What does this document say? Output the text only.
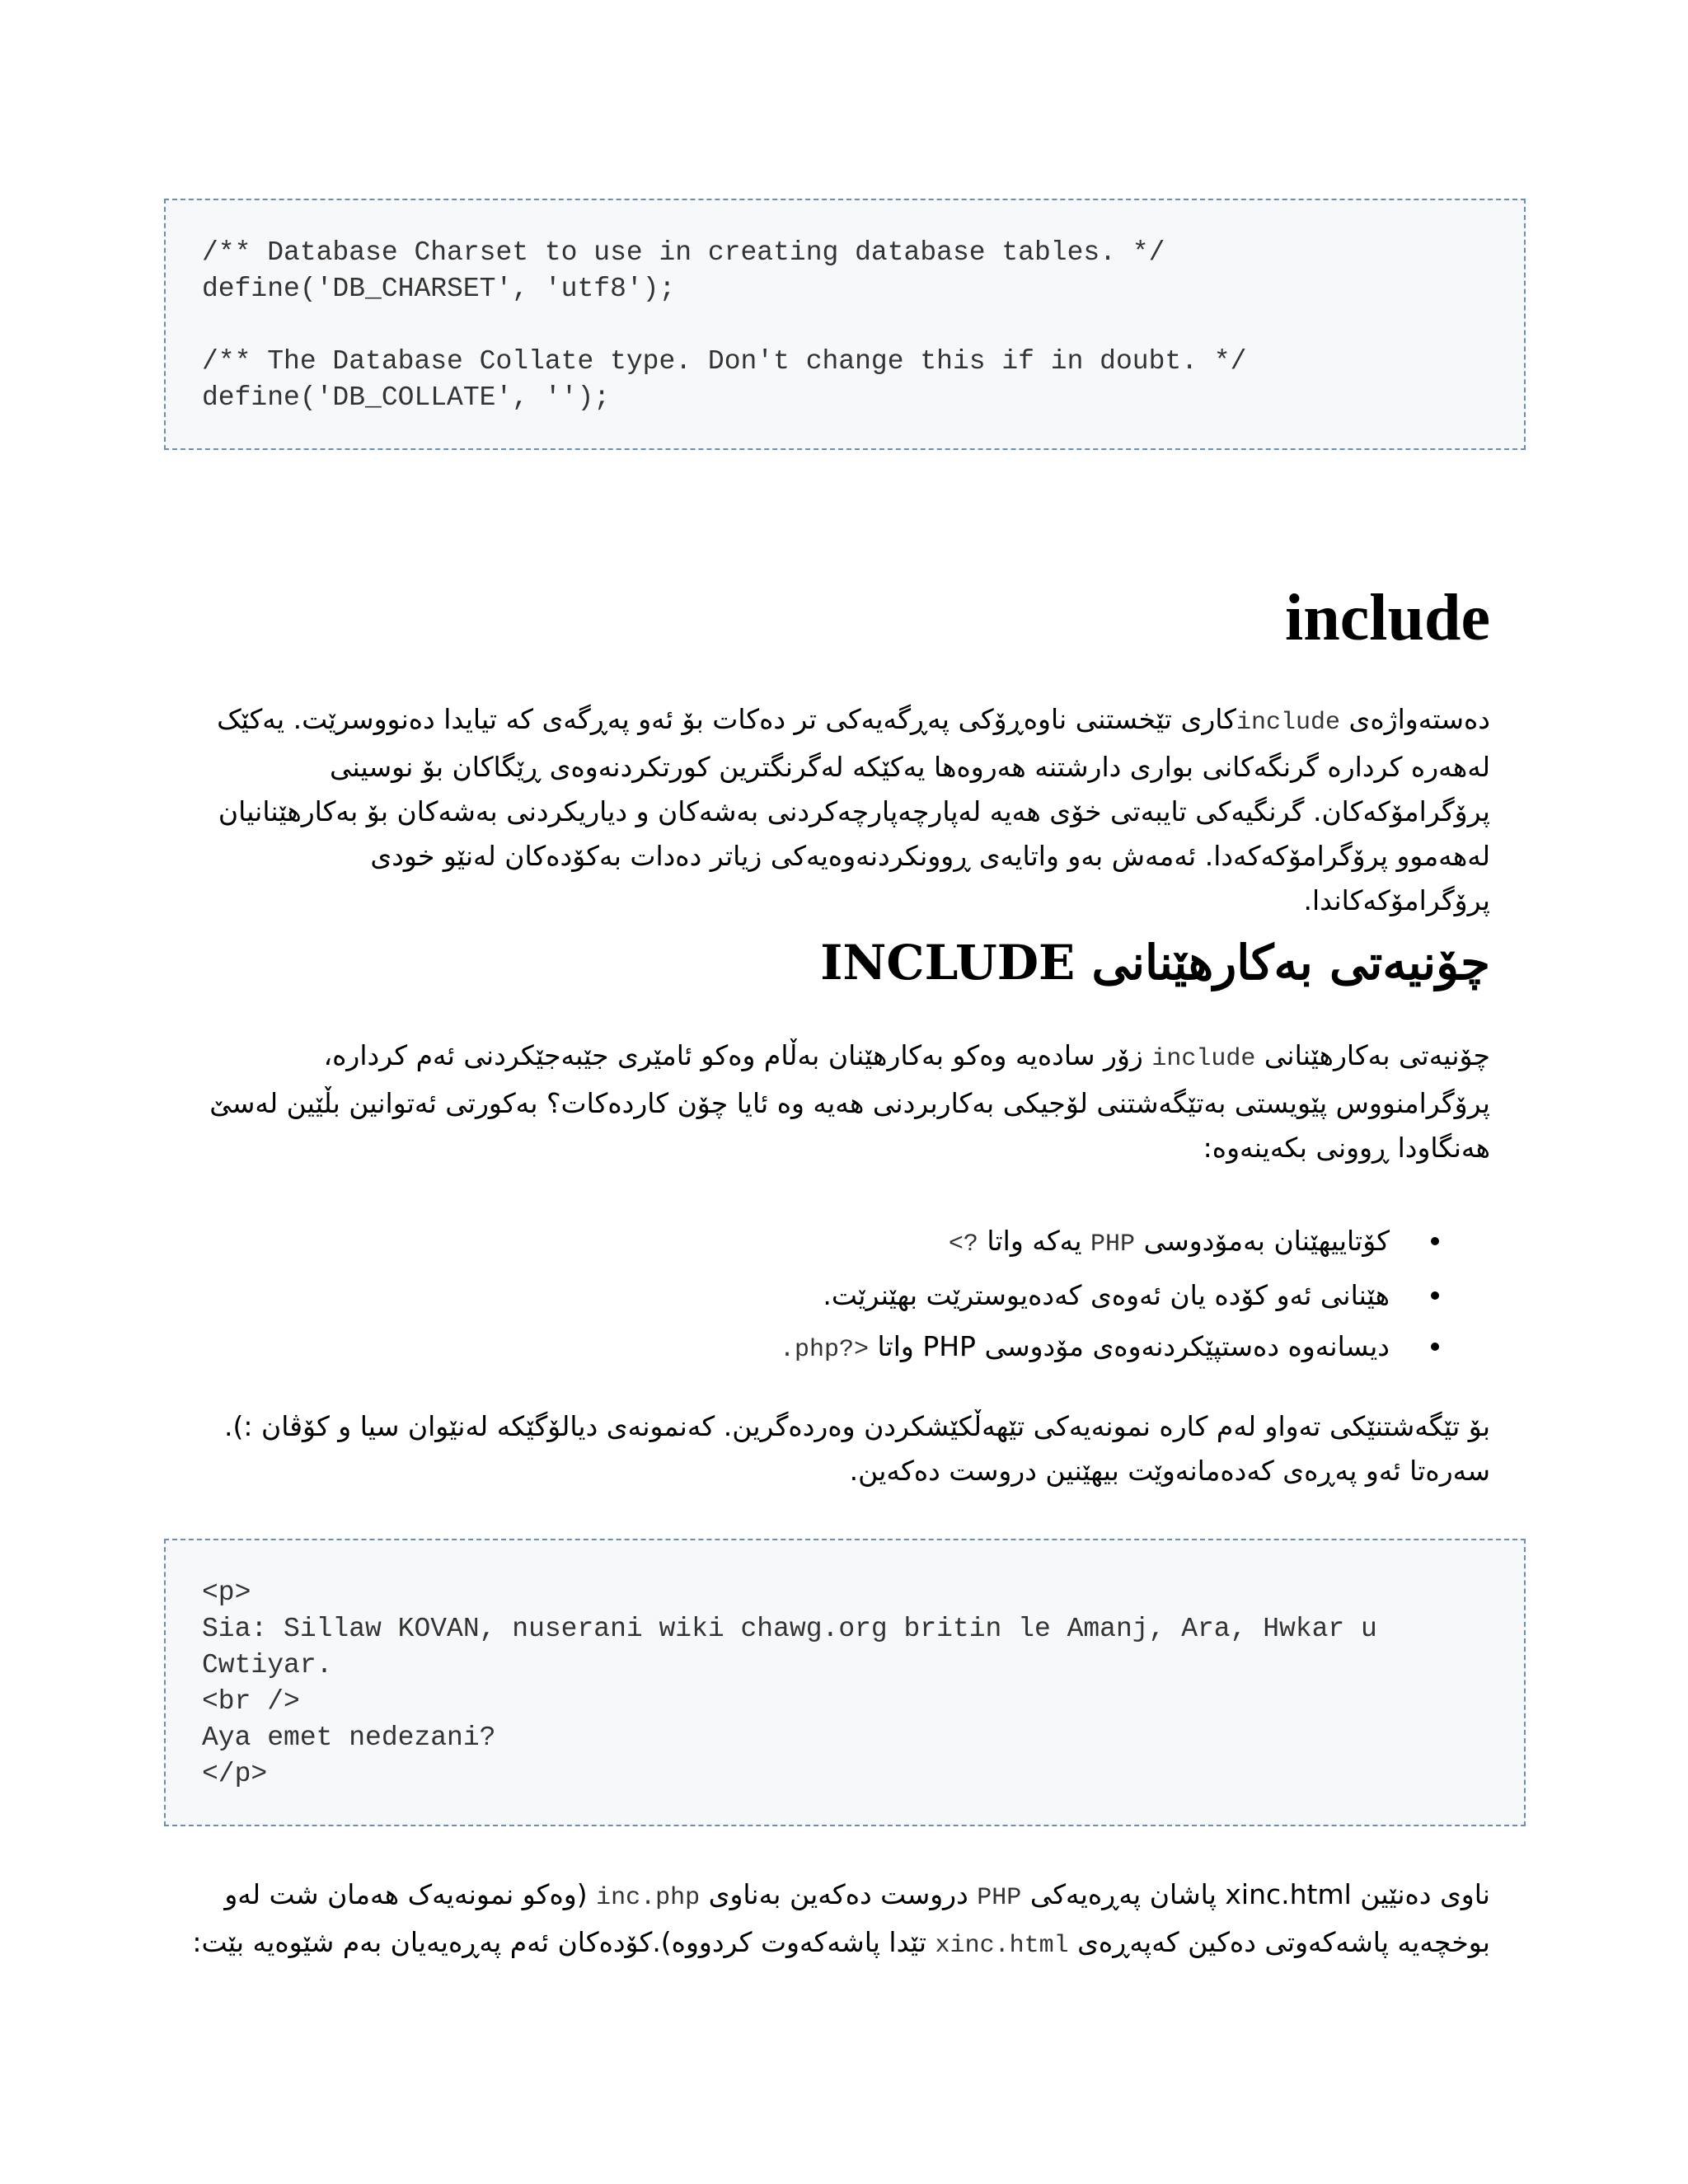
/** Database Charset to use in creating database tables. */
define('DB_CHARSET', 'utf8');
/** The Database Collate type. Don't change this if in doubt. */
define('DB_COLLATE', '');
include
دەستەواژەی includeکاری تێخستنی ناوەڕۆکی پەڕگەیەکی تر دەکات بۆ ئەو پەڕگەی کە تیایدا دەنووسرێت. یەکێک لەهەرە کرداره گرنگەکانی بواری دارشتنە هەروەها یەکێکە لەگرنگترین کورتکردنەوەی ڕێگاکان بۆ نوسینی پرۆگرامۆکەکان. گرنگیەکی تایبەتی خۆی هەیە لەپارچەپارچەکردنی بەشەکان و دیاریکردنی بەشەکان بۆ بەکارهێنانیان لەهەموو پرۆگرامۆکەکەدا. ئەمەش بەو واتایەی ڕوونکردنەوەیەکی زیاتر دەدات بەکۆدەکان لەنێو خودی پرۆگرامۆکەکاندا.
چۆنیەتی بەکارهێنانی INCLUDE
چۆنیەتی بەکارهێنانی include زۆر سادەیە وەکو بەکارهێنان بەڵام وەکو ئامێری جێبەجێکردنی ئەم کرداره، پرۆگرامنووس پێویستی بەتێگەشتنی لۆجیکی بەکاربردنی هەیە وە ئایا چۆن کاردەکات؟ بەکورتی ئەتوانین بڵێین لەسێ هەنگاودا ڕوونی بکەینەوە:
کۆتاییهێنان بەمۆدوسی PHP یەکە واتا ?>
هێنانی ئەو کۆدە یان ئەوەی کەدەیوسترێت بهێنرێت.
دیسانەوە دەستپێکردنەوەی مۆدوسی PHP واتا <?php.
بۆ تێگەشتنێکی تەواو لەم کارە نمونەیەکی تێهەڵکێشکردن وەردەگرین. کەنمونەی دیالۆگێکە لەنێوان سیا و کۆڤان :). سەرەتا ئەو پەڕەی کەدەمانەوێت بیهێنین دروست دەکەین.
<p>
Sia: Sillaw KOVAN, nuserani wiki chawg.org britin le Amanj, Ara, Hwkar u Cwtiyar.
<br />
Aya emet nedezani?
</p>
ناوی دەنێین xinc.html پاشان پەڕەیەکی PHP دروست دەکەین بەناوی inc.php (وەکو نمونەیەک هەمان شت لەو بوخچەیە پاشەکەوتی دەکین کەپەڕەی xinc.html تێدا پاشەکەوت کردووە).کۆدەکان ئەم پەڕەیەیان بەم شێوەیە بێت:
